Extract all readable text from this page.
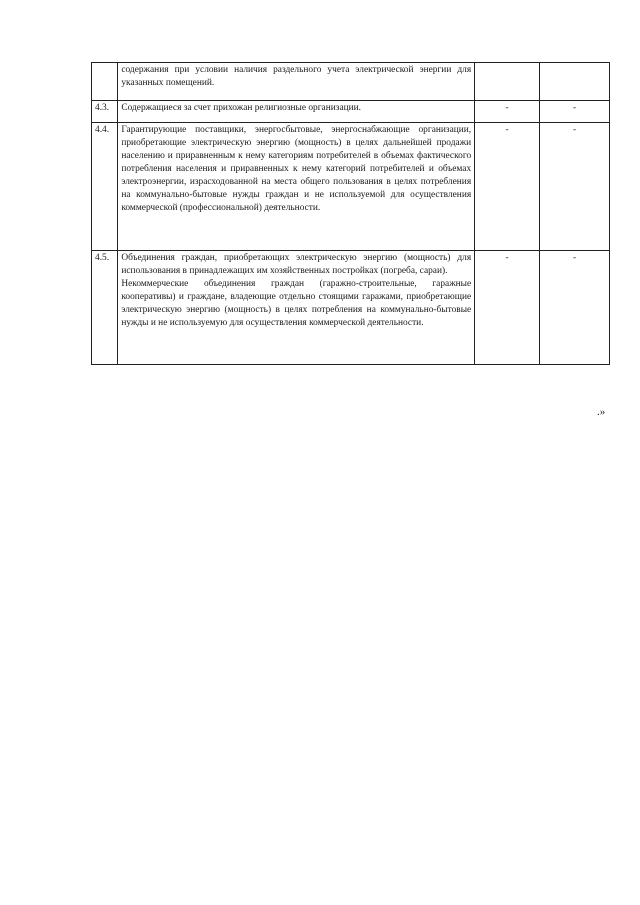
	содержания при условии наличия раздельного учета электрической энергии для указанных помещений.		

4.3.	Содержащиеся за счет прихожан религиозные организации.	-	-
4.4.	Гарантирующие поставщики, энергосбытовые, энергоснабжающие организации, приобретающие электрическую энергию (мощность) в целях дальнейшей продажи населению и приравненным к нему категориям потребителей в объемах фактического потребления населения и приравненных к нему категорий потребителей и объемах электроэнергии, израсходованной на места общего пользования в целях потребления на коммунально-бытовые нужды граждан и не используемой для осуществления коммерческой (профессиональной) деятельности.	-	-
4.5.	Объединения граждан, приобретающих электрическую энергию (мощность) для использования в принадлежащих им хозяйственных постройках (погреба, сараи).

Некоммерческие объединения граждан (гаражно-строительные, гаражные кооперативы) и граждане, владеющие отдельно стоящими гаражами, приобретающие электрическую энергию (мощность) в целях потребления на коммунально-бытовые нужды и не используемую для осуществления коммерческой деятельности.	-	-
.»
